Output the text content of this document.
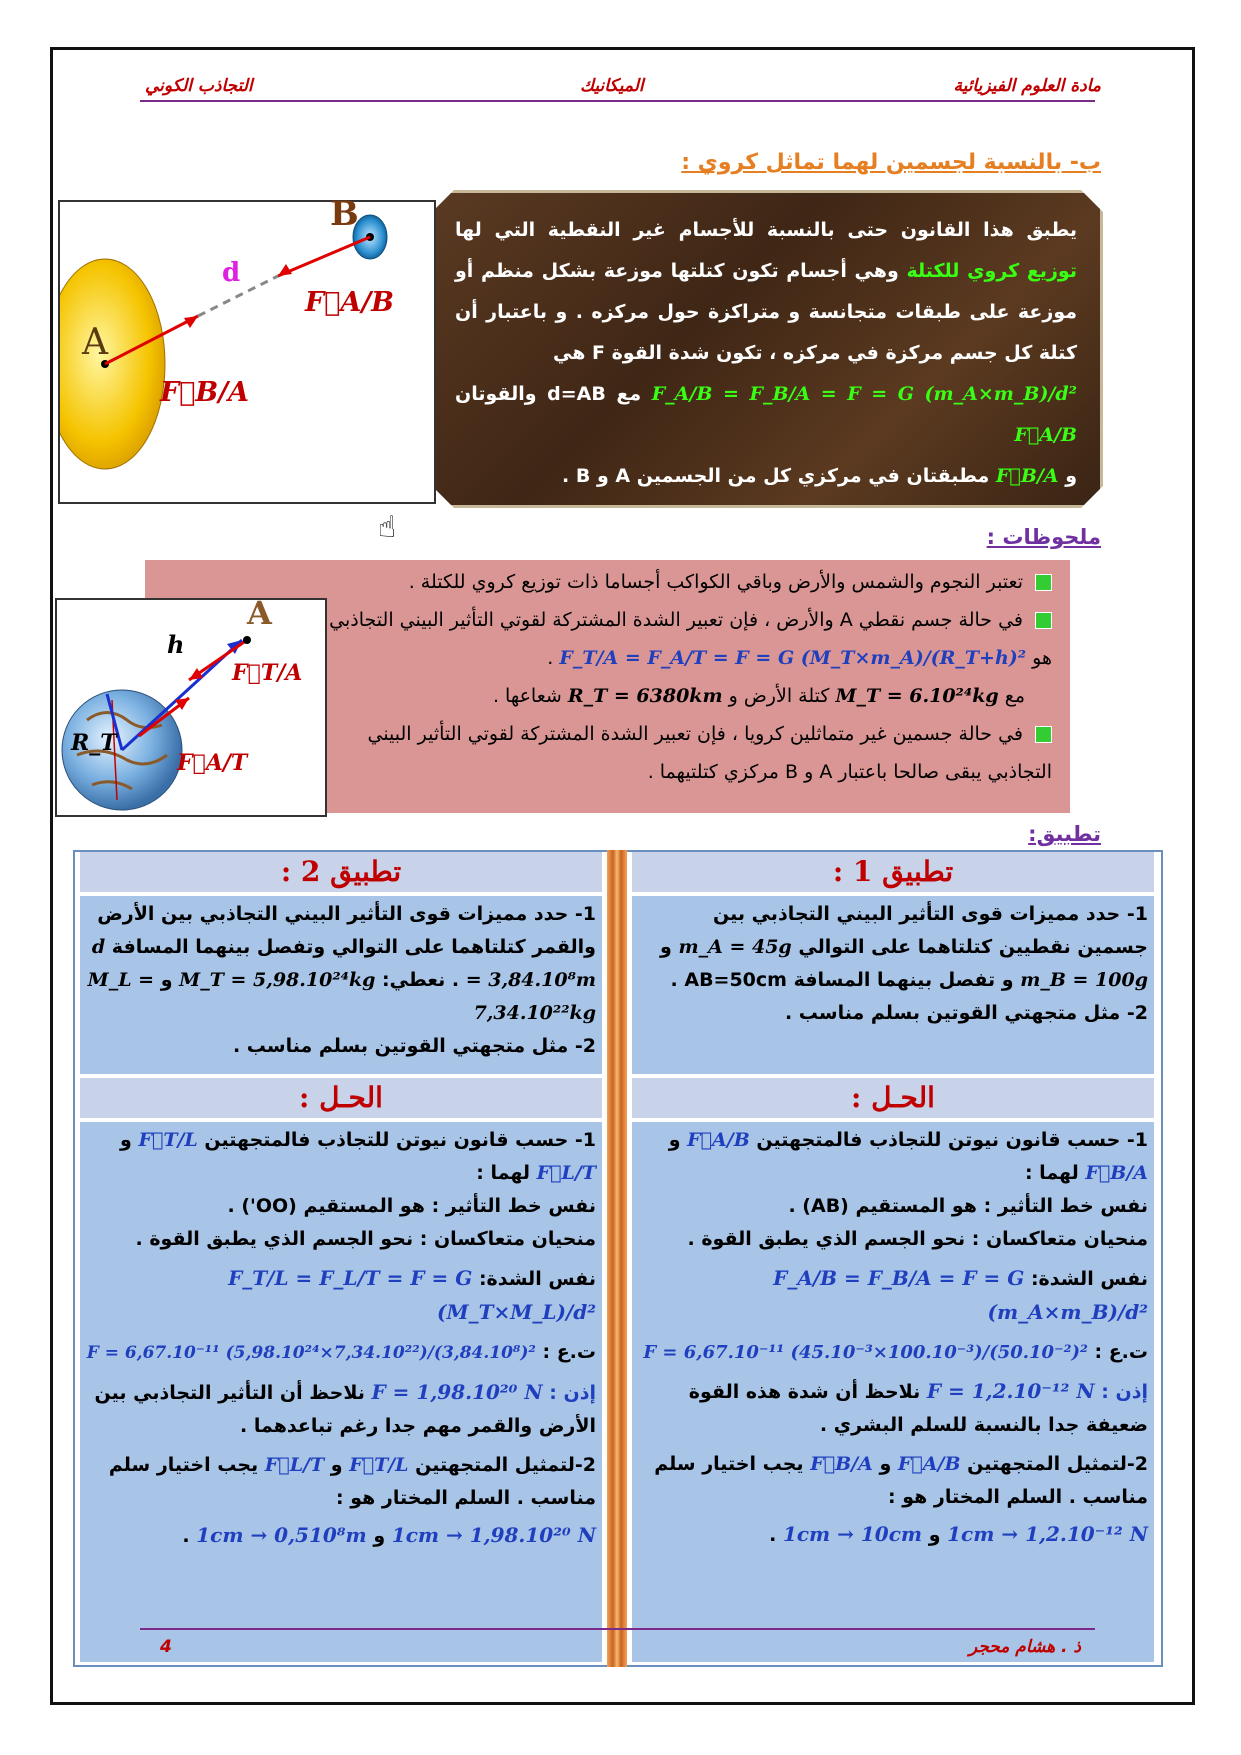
مادة العلوم الفيزيائية
الميكانيك
التجاذب الكوني
ب- بالنسبة لجسمين لهما تماثل كروي :
يطبق هذا القانون حتى بالنسبة للأجسام غير النقطية التي لها توزيع كروي للكتلة وهي أجسام تكون كتلتها موزعة بشكل منظم أو موزعة على طبقات متجانسة و متراكزة حول مركزه . و باعتبار أن كتلة كل جسم مركزة في مركزه ، تكون شدة القوة F هي
F_A/B = F_B/A = F = G (m_A×m_B)/d² مع d=AB والقوتان F⃗A/B
و F⃗B/A مطبقتان في مركزي كل من الجسمين A و B .
A
B
d
F⃗A/B
F⃗B/A
☝	ملحوظات :
تعتبر النجوم والشمس والأرض وباقي الكواكب أجساما ذات توزيع كروي للكتلة .
في حالة جسم نقطي A والأرض ، فإن تعبير الشدة المشتركة لقوتي التأثير البيني التجاذبي هو F_T/A = F_A/T = F = G (M_T×m_A)/(R_T+h)² .
مع M_T = 6.10²⁴kg كتلة الأرض و R_T = 6380km شعاعها .
في حالة جسمين غير متماثلين كرويا ، فإن تعبير الشدة المشتركة لقوتي التأثير البيني التجاذبي يبقى صالحا باعتبار A و B مركزي كتلتيهما .
A
h
R_T
F⃗T/A
F⃗A/T
تطبيق:
تطبيق 1 :
1- حدد مميزات قوى التأثير البيني التجاذبي بين جسمين نقطيين كتلتاهما على التوالي m_A = 45g و m_B = 100g و تفصل بينهما المسافة AB=50cm .
2- مثل متجهتي القوتين بسلم مناسب .
الحـل :
1- حسب قانون نيوتن للتجاذب فالمتجهتين F⃗A/B و F⃗B/A لهما :
نفس خط التأثير : هو المستقيم (AB) .
منحيان متعاكسان : نحو الجسم الذي يطبق القوة .
نفس الشدة: F_A/B = F_B/A = F = G (m_A×m_B)/d²
ت.ع : F = 6,67.10⁻¹¹ (45.10⁻³×100.10⁻³)/(50.10⁻²)²
إذن : F = 1,2.10⁻¹² N نلاحظ أن شدة هذه القوة ضعيفة جدا بالنسبة للسلم البشري .
2-لتمثيل المتجهتين F⃗A/B و F⃗B/A يجب اختيار سلم مناسب . السلم المختار هو :
1cm → 1,2.10⁻¹² N و 1cm → 10cm .
تطبيق 2 :
1- حدد مميزات قوى التأثير البيني التجاذبي بين الأرض والقمر كتلتاهما على التوالي وتفصل بينهما المسافة d = 3,84.10⁸m . نعطي: M_T = 5,98.10²⁴kg و M_L = 7,34.10²²kg
2- مثل متجهتي القوتين بسلم مناسب .
الحـل :
1- حسب قانون نيوتن للتجاذب فالمتجهتين F⃗T/L و F⃗L/T لهما :
نفس خط التأثير : هو المستقيم (OO') .
منحيان متعاكسان : نحو الجسم الذي يطبق القوة .
نفس الشدة: F_T/L = F_L/T = F = G (M_T×M_L)/d²
ت.ع : F = 6,67.10⁻¹¹ (5,98.10²⁴×7,34.10²²)/(3,84.10⁸)²
إذن : F = 1,98.10²⁰ N نلاحظ أن التأثير التجاذبي بين الأرض والقمر مهم جدا رغم تباعدهما .
2-لتمثيل المتجهتين F⃗T/L و F⃗L/T يجب اختيار سلم مناسب . السلم المختار هو :
1cm → 1,98.10²⁰ N و 1cm → 0,510⁸m .
ذ . هشام محجر
4
